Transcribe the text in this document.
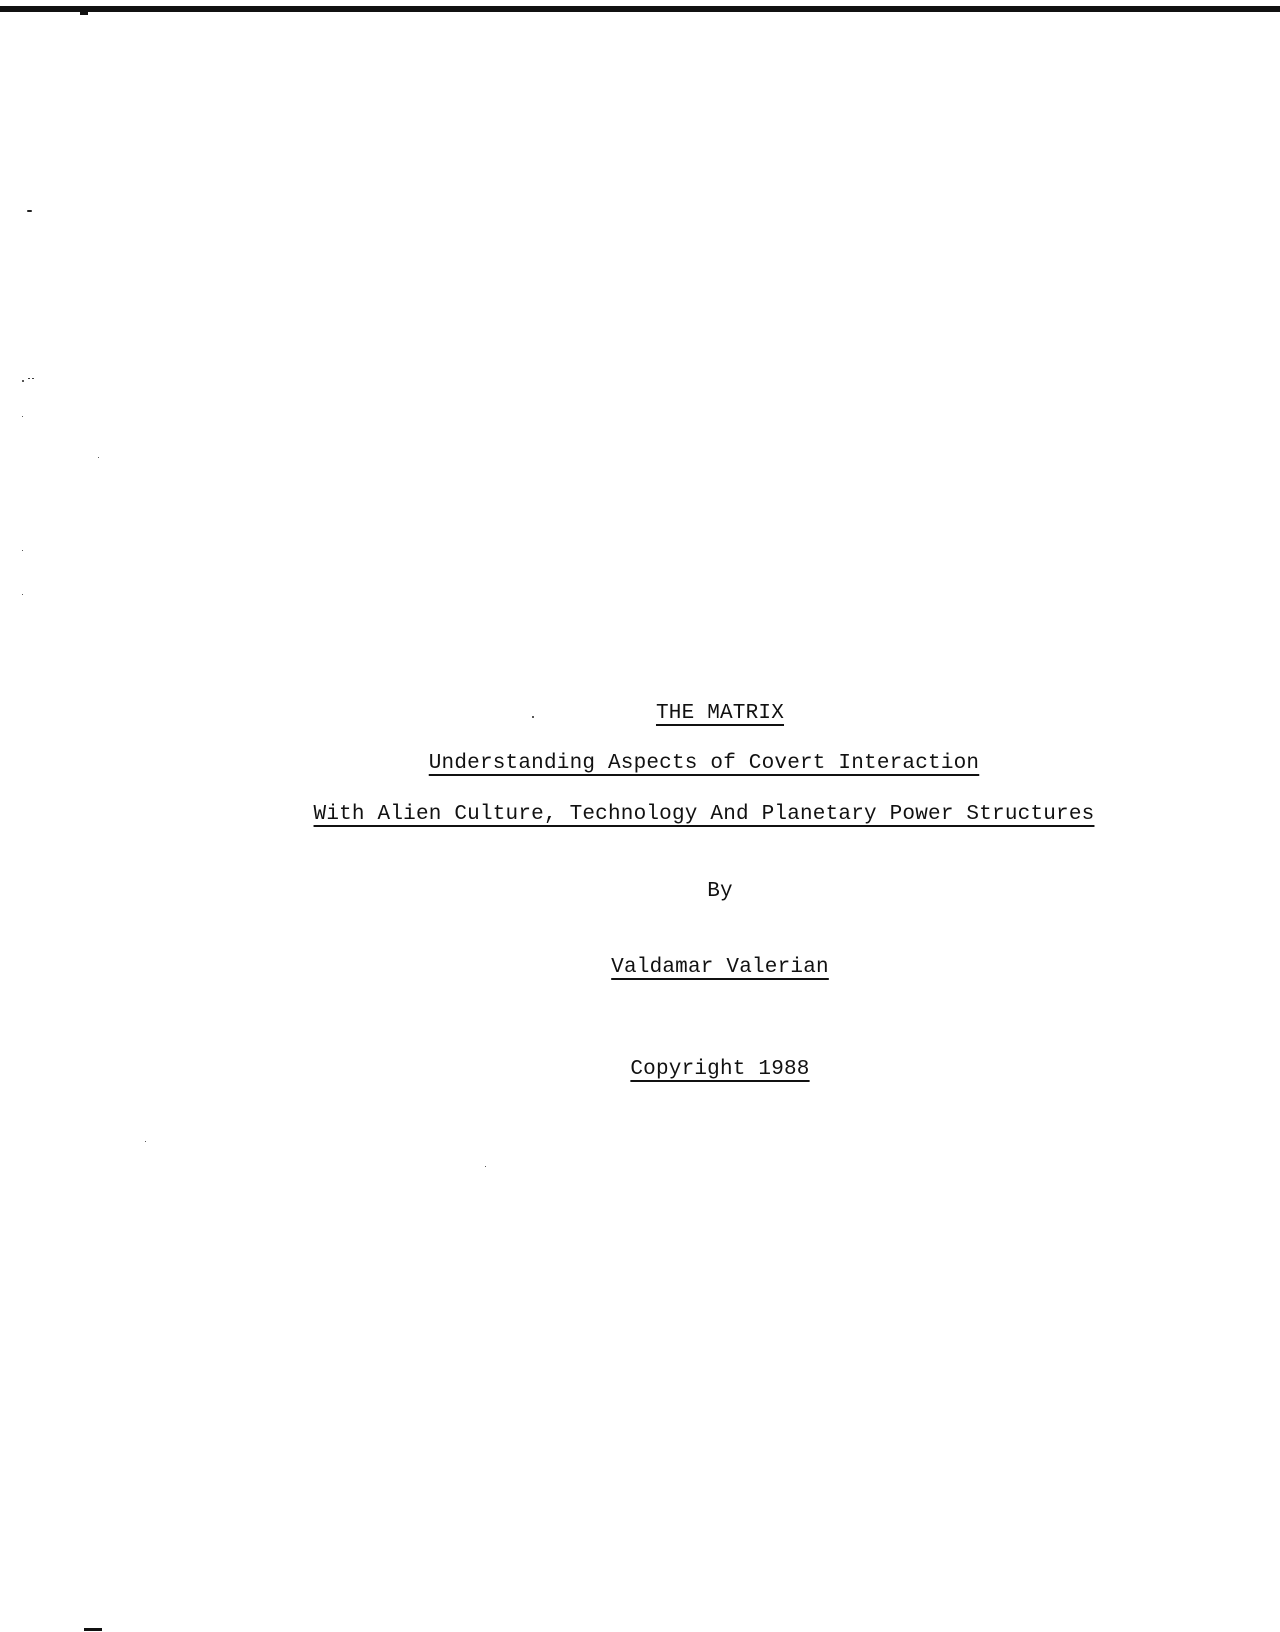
THE MATRIX
Understanding Aspects of Covert Interaction
With Alien Culture, Technology And Planetary Power Structures
By
Valdamar Valerian
Copyright 1988
